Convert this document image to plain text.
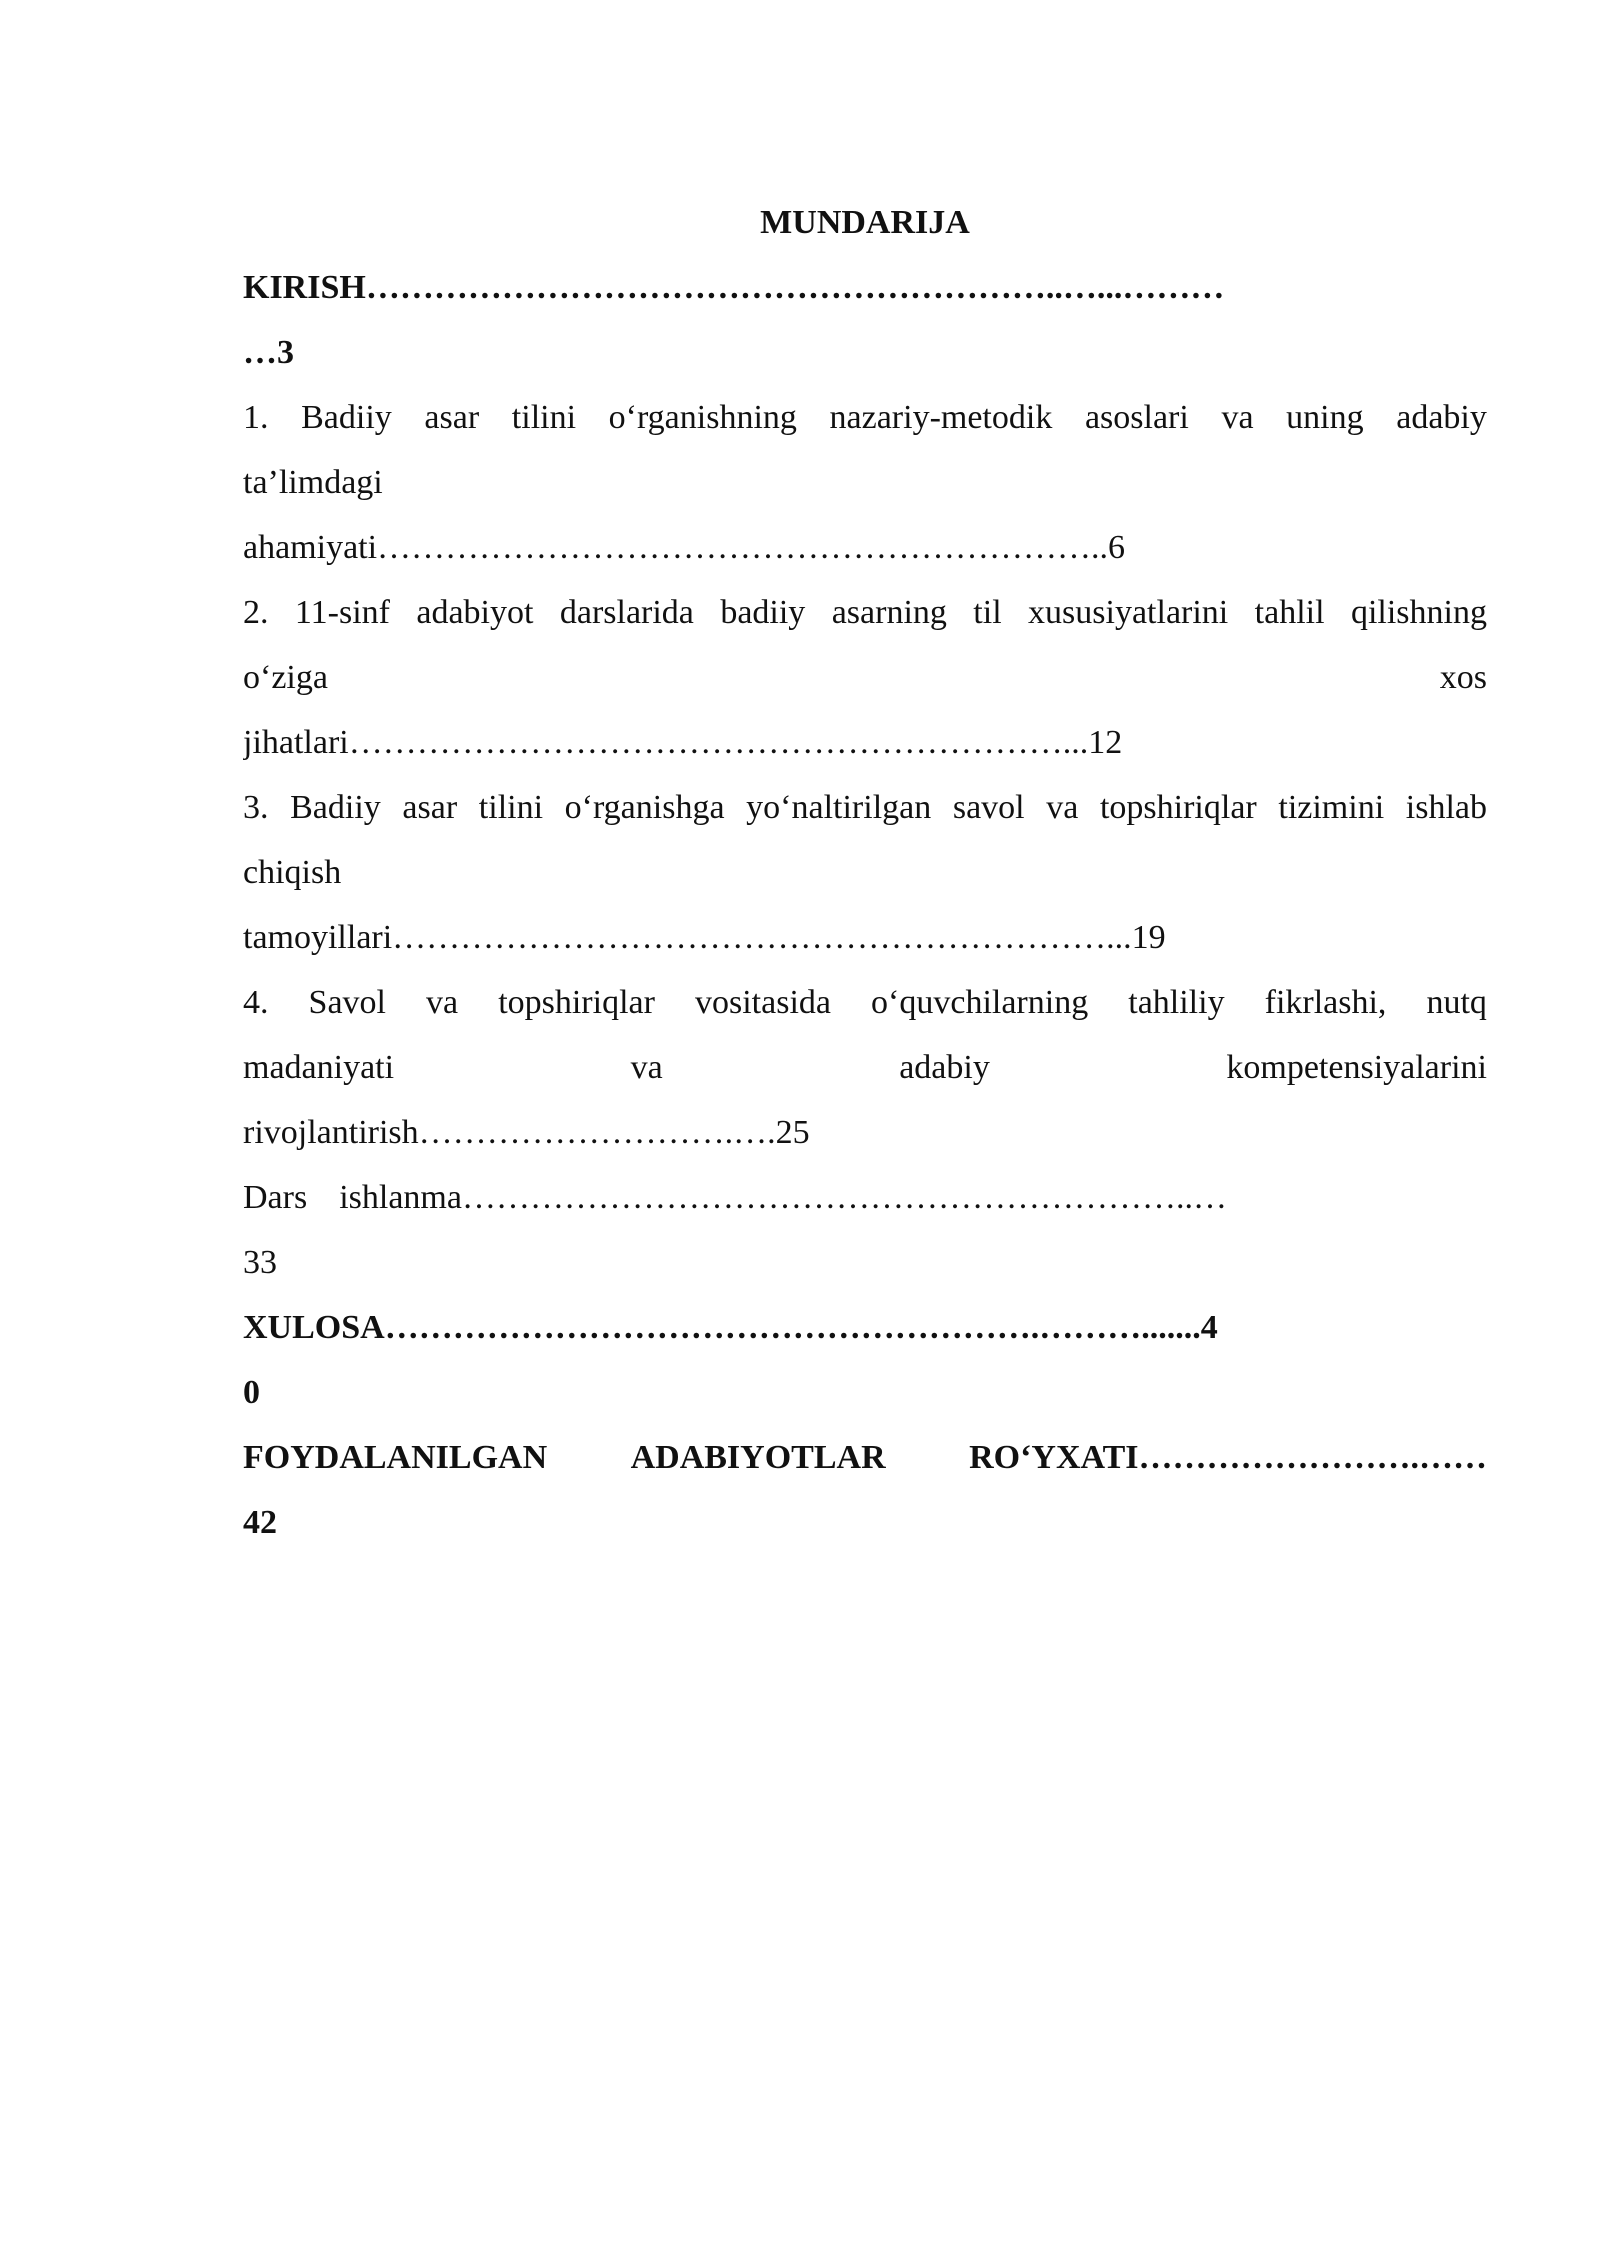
MUNDARIJA
KIRISH……………………………………………………..…...………
…3
1. Badiiy asar tilini o‘rganishning nazariy-metodik asoslari va uning adabiy
ta’limdagi
ahamiyati………………………………………………………..6
2. 11-sinf adabiyot darslarida badiiy asarning til xususiyatlarini tahlil qilishning
o‘ziga	xos
jihatlari………………………………………………………...12
3. Badiiy asar tilini o‘rganishga yo‘naltirilgan savol va topshiriqlar tizimini ishlab
chiqish
tamoyillari………………………………………………………...19
4. Savol va topshiriqlar vositasida o‘quvchilarning tahliliy fikrlashi, nutq
madaniyati	va	adabiy	kompetensiyalarini
rivojlantirish……………………….….25
Dars ishlanma………………………………………………………..…
33
XULOSA………………………………………………….……….......4
0
FOYDALANILGAN ADABIYOTLAR RO‘YXATI…………………….……
42
